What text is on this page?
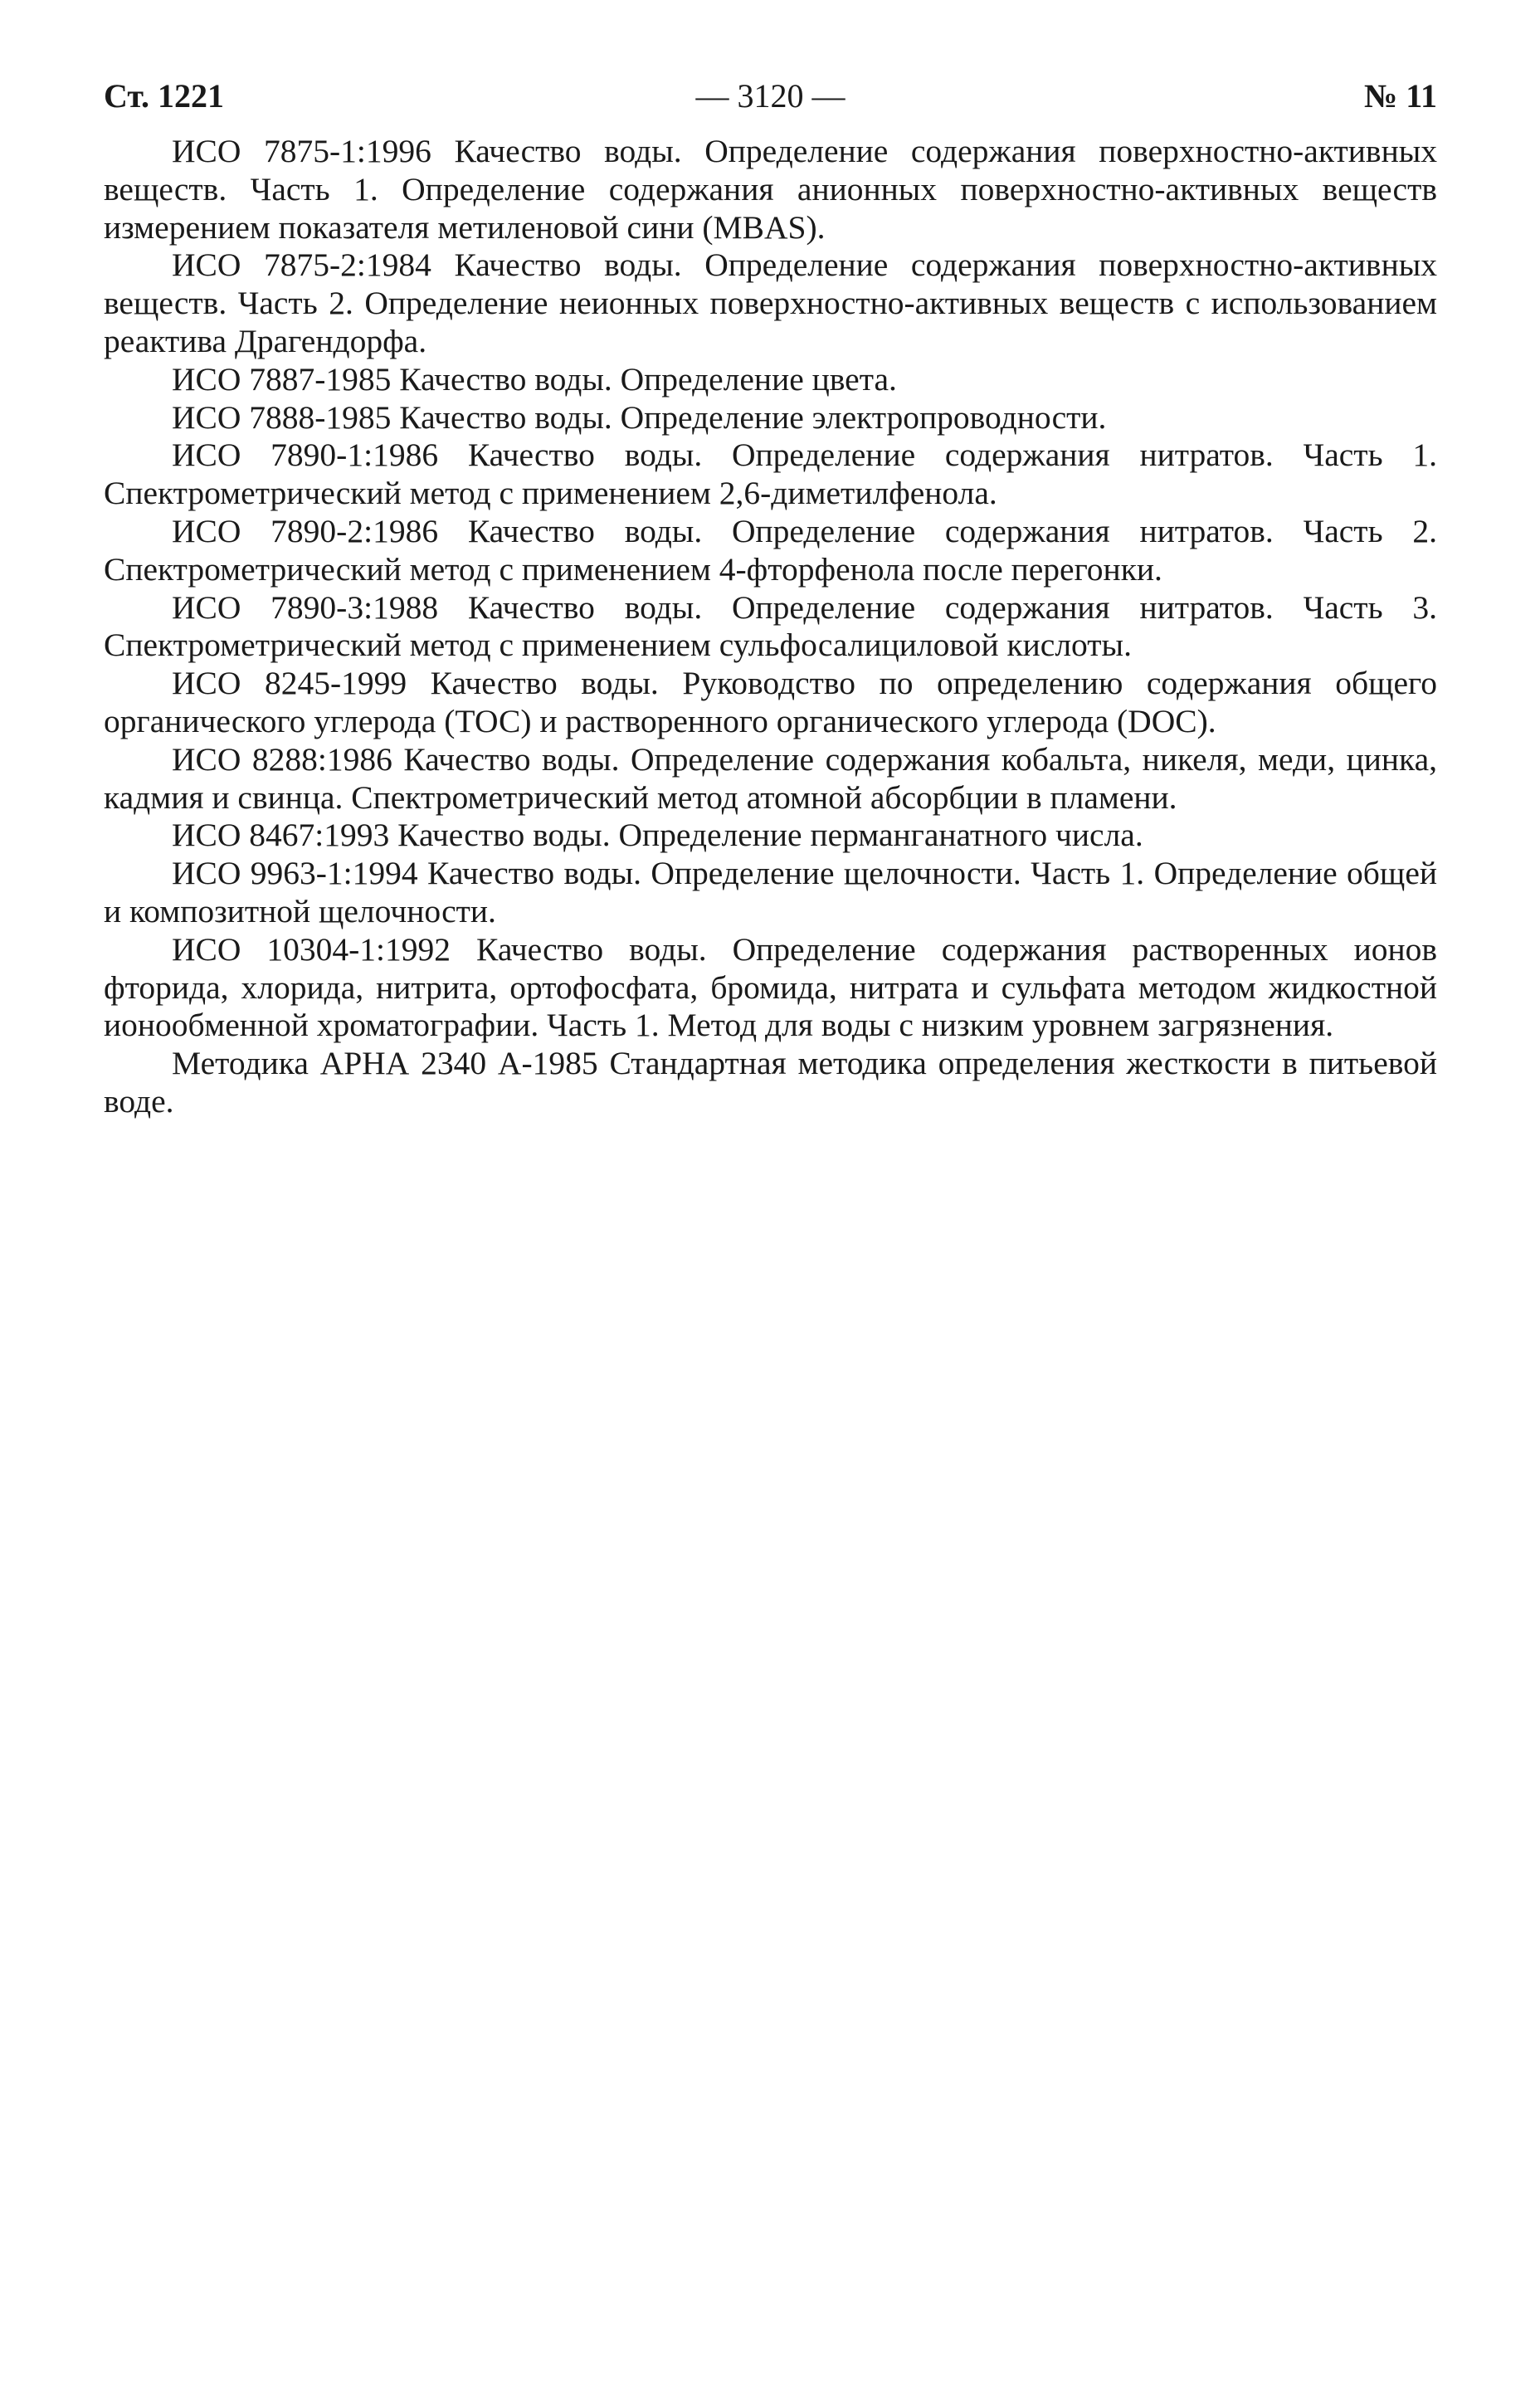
Ст. 1221	— 3120 —	№ 11

ИСО 7875-1:1996 Качество воды. Определение содержания поверхностно-активных веществ. Часть 1. Определение содержания анионных поверхностно-активных веществ измерением показателя метиленовой сини (MBAS).

ИСО 7875-2:1984 Качество воды. Определение содержания поверхностно-активных веществ. Часть 2. Определение неионных поверхностно-активных веществ с использованием реактива Драгендорфа.

ИСО 7887-1985 Качество воды. Определение цвета.

ИСО 7888-1985 Качество воды. Определение электропроводности.

ИСО 7890-1:1986 Качество воды. Определение содержания нитратов. Часть 1. Спектрометрический метод с применением 2,6-диметилфенола.

ИСО 7890-2:1986 Качество воды. Определение содержания нитратов. Часть 2. Спектрометрический метод с применением 4-фторфенола после перегонки.

ИСО 7890-3:1988 Качество воды. Определение содержания нитратов. Часть 3. Спектрометрический метод с применением сульфосалициловой кислоты.

ИСО 8245-1999 Качество воды. Руководство по определению содержания общего органического углерода (ТОС) и растворенного органического углерода (DOC).

ИСО 8288:1986 Качество воды. Определение содержания кобальта, никеля, меди, цинка, кадмия и свинца. Спектрометрический метод атомной абсорбции в пламени.

ИСО 8467:1993 Качество воды. Определение перманганатного числа.

ИСО 9963-1:1994 Качество воды. Определение щелочности. Часть 1. Определение общей и композитной щелочности.

ИСО 10304-1:1992 Качество воды. Определение содержания растворенных ионов фторида, хлорида, нитрита, ортофосфата, бромида, нитрата и сульфата методом жидкостной ионообменной хроматографии. Часть 1. Метод для воды с низким уровнем загрязнения.

Методика АРНА 2340 А-1985 Стандартная методика определения жесткости в питьевой воде.
